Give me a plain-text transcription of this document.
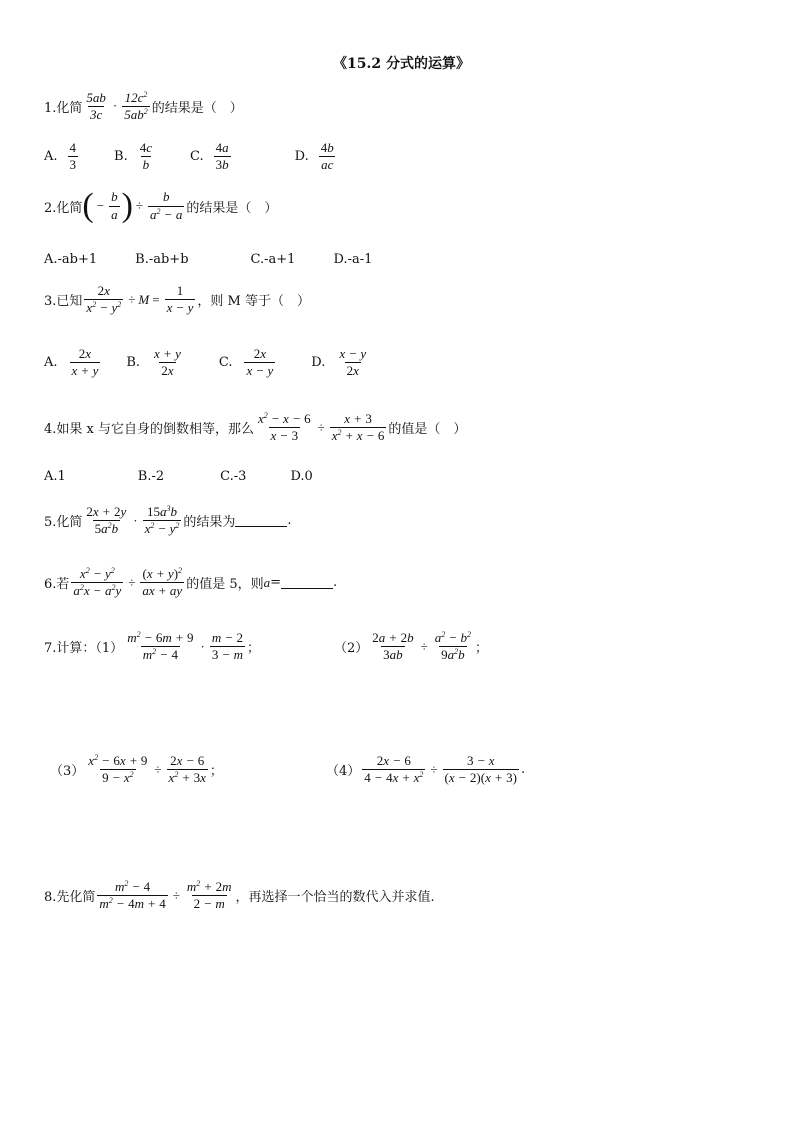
《15.2 分式的运算》
1.化简 $\frac{5ab}{3c} \cdot \frac{12c^2}{5ab^2}$ 的结果是（　）
A. $\frac{4}{3}$	B. $\frac{4c}{b}$	C. $\frac{4a}{3b}$	D. $\frac{4b}{ac}$
2.化简 ( − $\frac{b}{a}$ ) ÷ $\frac{b}{a^2 - a}$ 的结果是（　）
A.-ab+1	B.-ab+b	C.-a+1	D.-a-1
3.已知 $\frac{2x}{x^2 - y^2} \div M = \frac{1}{x - y}$ ，则 M 等于（　）
A. $\frac{2x}{x + y} B$. $\frac{x + y}{2x}$	C. $\frac{2x}{x - y}$	D. $\frac{x - y}{2x}$
4.如果 x 与它自身的倒数相等，那么 $\frac{x^2 - x - 6}{x - 3} \div \frac{x + 3}{x^2 + x - 6}$ 的值是（　）
A.1	B.-2	C.-3	D.0
5.化简 $\frac{2x + 2y}{5a^2b} \cdot \frac{15a^3b}{x^2 - y^2}$ 的结果为	.
6.若 $\frac{x^2 - y^2}{a^2x - a^2y} \div \frac{(x + y)^2}{ax + ay}$ 的值是 5，则 a =	.
7.计算：$(1) \frac{m^2 - 6m + 9}{m^2 - 4} \cdot \frac{m - 2}{3 - m}$ ；	$(2) \frac{2a + 2b}{3ab} \div \frac{a^2 - b^2}{9a^2b}$ ；
$(3) \frac{x^2 - 6x + 9}{9 - x^2} \div \frac{2x - 6}{x^2 + 3x}$ ；	$(4) \frac{2x - 6}{4 - 4x + x^2} \div \frac{3 - x}{(x - 2)(x + 3)}$ .
8.先化简 $\frac{m^2 - 4}{m^2 - 4m + 4} \div \frac{m^2 + 2m}{2 - m}$ ，再选择一个恰当的数代入并求值.
